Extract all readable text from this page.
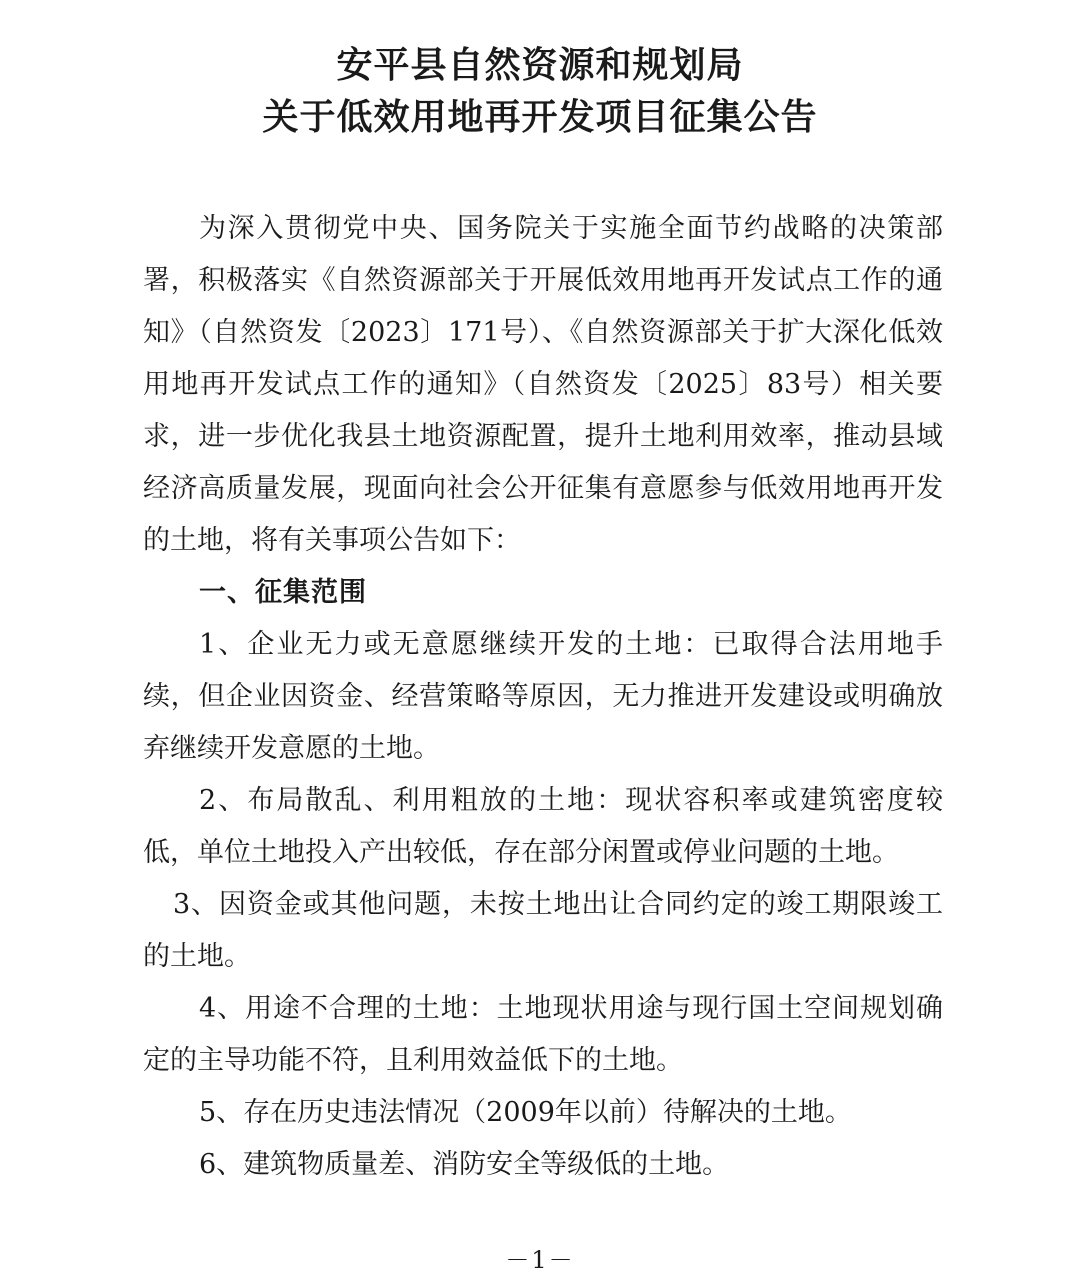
安平县自然资源和规划局
关于低效用地再开发项目征集公告

为深入贯彻党中央、国务院关于实施全面节约战略的决策部署，积极落实《自然资源部关于开展低效用地再开发试点工作的通知》（自然资发〔2023〕171号）、《自然资源部关于扩大深化低效用地再开发试点工作的通知》（自然资发〔2025〕83号）相关要求，进一步优化我县土地资源配置，提升土地利用效率，推动县域经济高质量发展，现面向社会公开征集有意愿参与低效用地再开发的土地，将有关事项公告如下：

一、征集范围

1、企业无力或无意愿继续开发的土地：已取得合法用地手续，但企业因资金、经营策略等原因，无力推进开发建设或明确放弃继续开发意愿的土地。

2、布局散乱、利用粗放的土地：现状容积率或建筑密度较低，单位土地投入产出较低，存在部分闲置或停业问题的土地。

3、因资金或其他问题，未按土地出让合同约定的竣工期限竣工的土地。

4、用途不合理的土地：土地现状用途与现行国土空间规划确定的主导功能不符，且利用效益低下的土地。

5、存在历史违法情况（2009年以前）待解决的土地。

6、建筑物质量差、消防安全等级低的土地。

－1－
